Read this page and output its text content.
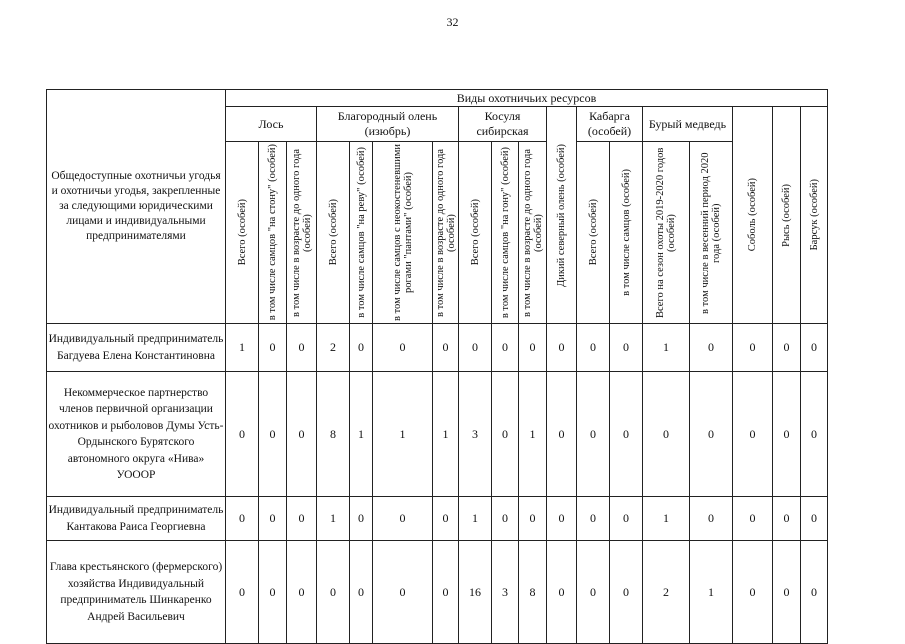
32
Общедоступные охотничьи угодья и охотничьи угодья, закрепленные за следующими юридическими лицами и индивидуальными предпринимателями	Виды охотничьих ресурсов																	
	Лось			Благородный олень (изюбрь)				Косуля сибирская			Дикий северный олень (особей)	Кабарга (особей)		Бурый медведь		Соболь (особей)	Рысь (особей)	Барсук (особей)

	Всего (особей)	в том числе самцов "на стону" (особей)	в том числе в возрасте до одного года (особей)	Всего (особей)	в том числе самцов "на реву" (особей)	в том числе самцов с неокостеневшими рогами "пантами" (особей)	в том числе в возрасте до одного года (особей)	Всего (особей)	в том числе самцов "на гону" (особей)	в том числе в возрасте до одного года (особей)		Всего (особей)	в том числе самцов (особей)	Всего на сезон охоты 2019-2020 годов (особей)	в том числе в весенний период 2020 года (особей)			

Индивидуальный предприниматель Багдуева Елена Константиновна	1	0	0	2	0	0	0	0	0	0	0	0	0	1	0	0	0	0
Некоммерческое партнерство членов первичной организации охотников и рыболовов Думы Усть-Ордынского Бурятского автономного округа «Нива» УОООР	0	0	0	8	1	1	1	3	0	1	0	0	0	0	0	0	0	0
Индивидуальный предприниматель Кантакова Раиса Георгиевна	0	0	0	1	0	0	0	1	0	0	0	0	0	1	0	0	0	0
Глава крестьянского (фермерского) хозяйства Индивидуальный предприниматель Шинкаренко Андрей Васильевич	0	0	0	0	0	0	0	16	3	8	0	0	0	2	1	0	0	0
